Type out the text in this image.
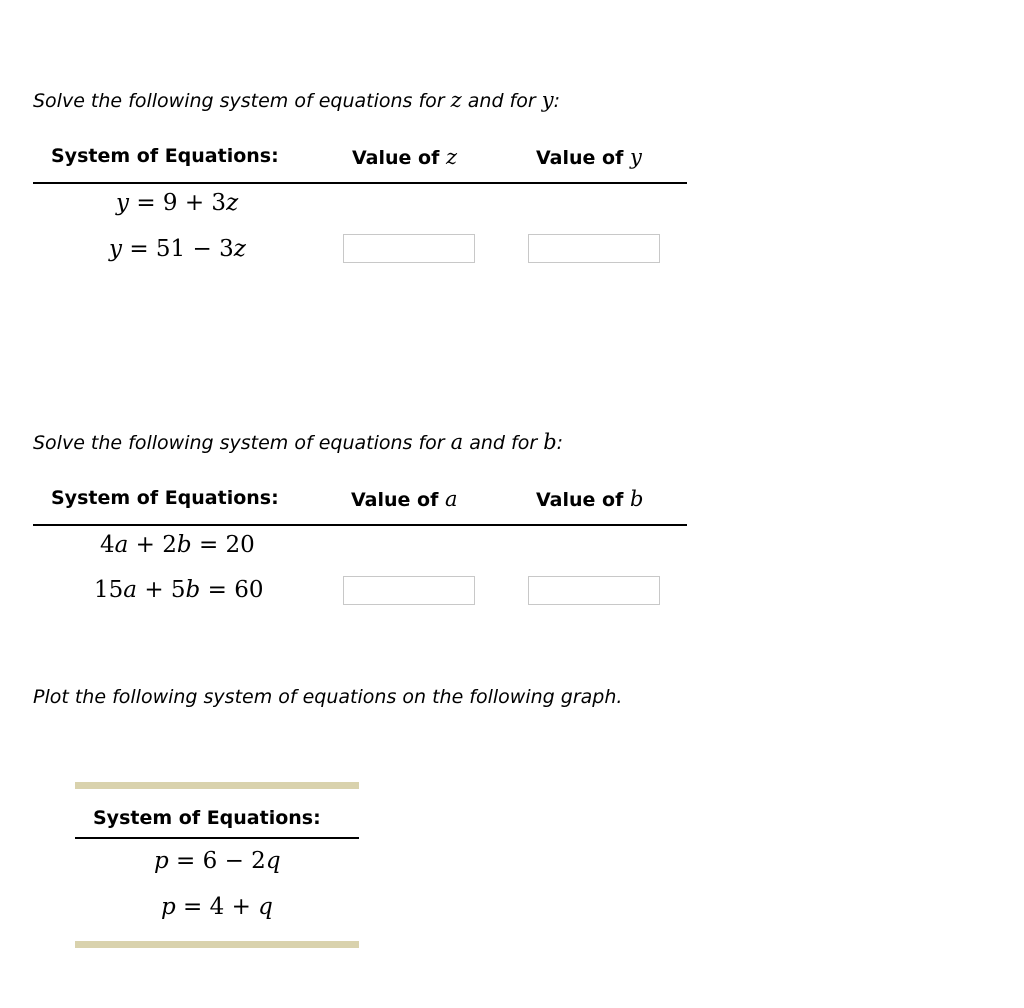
Solve the following system of equations for z and for y:
System of Equations:	Value of z	Value of y
y = 9 + 3z
y = 51 − 3z
Solve the following system of equations for a and for b:
System of Equations:	Value of a	Value of b
4a + 2b = 20
15a + 5b = 60
Plot the following system of equations on the following graph.
System of Equations:
p = 6 − 2q
p = 4 + q
